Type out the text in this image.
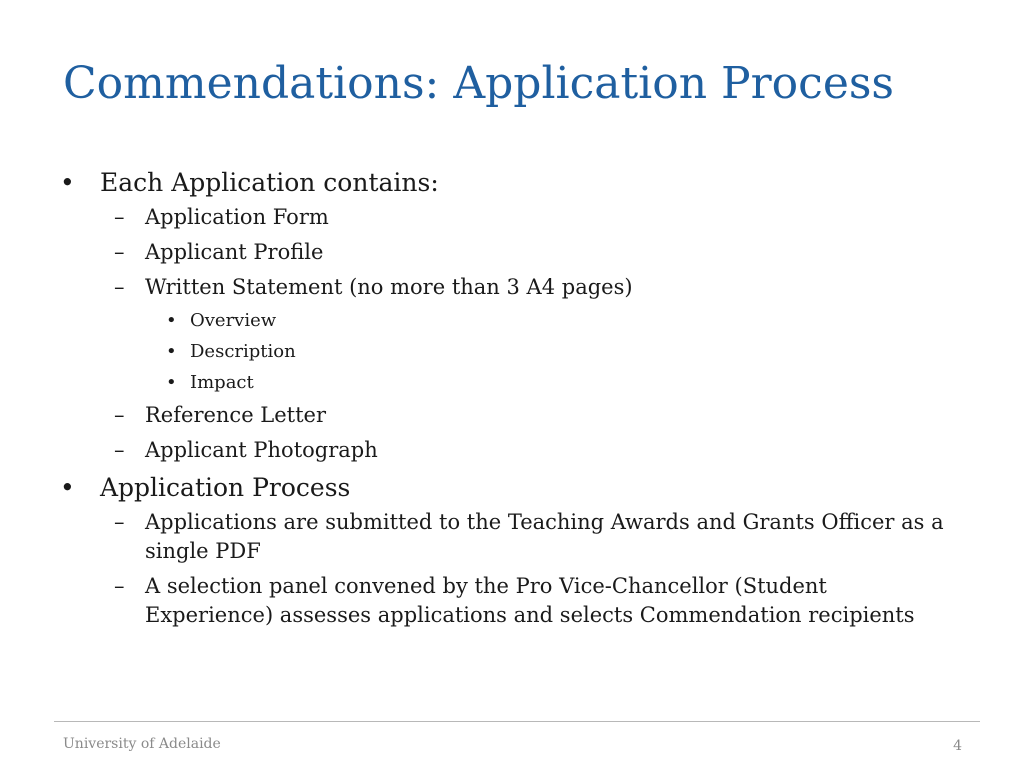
Commendations: Application Process
• Each Application contains:
– Application Form
– Applicant Profile
– Written Statement (no more than 3 A4 pages)
• Overview
• Description
• Impact
– Reference Letter
– Applicant Photograph
• Application Process
– Applications are submitted to the Teaching Awards and Grants Officer as a single PDF
– A selection panel convened by the Pro Vice-Chancellor (Student Experience) assesses applications and selects Commendation recipients
University of Adelaide	4
